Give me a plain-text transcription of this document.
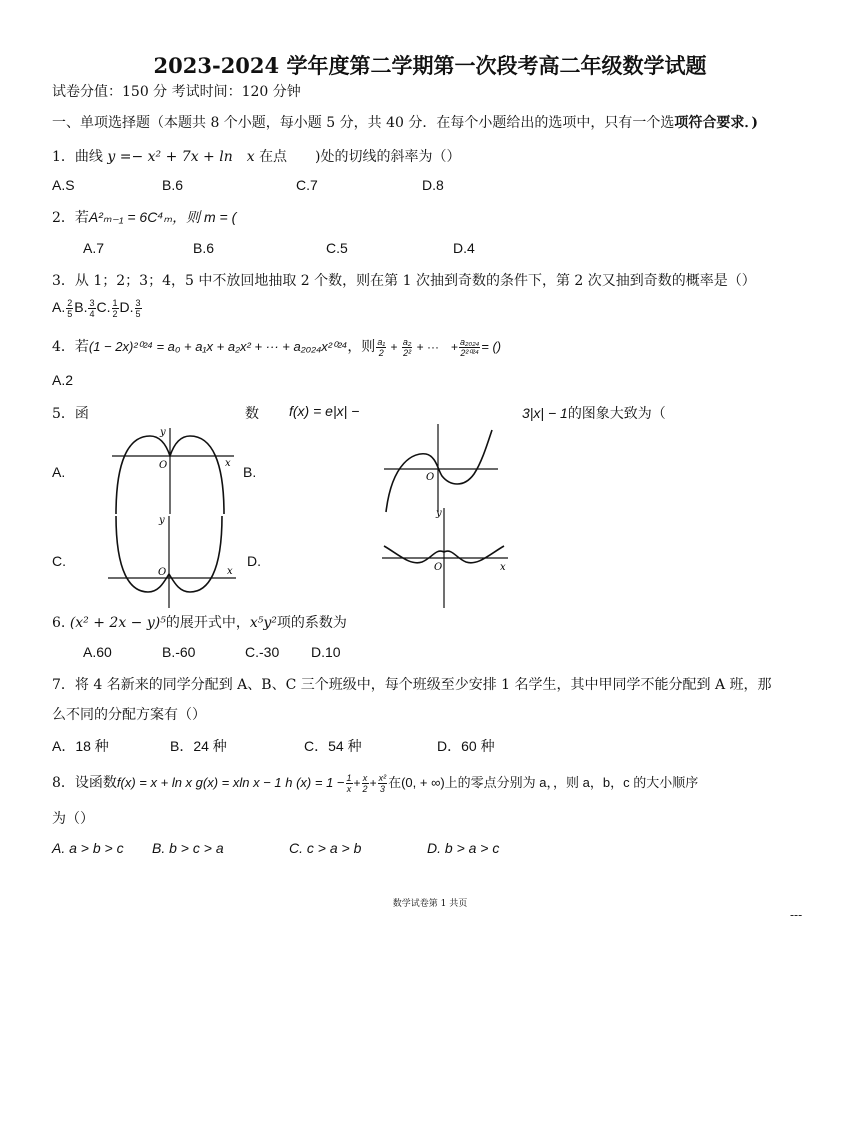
2023-2024 学年度第二学期第一次段考高二年级数学试题
试卷分值：150 分 考试时间：120 分钟
一、单项选择题（本题共 8 个小题，每小题 5 分，共 40 分．在每个小题给出的选项中，只有一个选项符合要求．)
1．曲线 y =− x² + 7x + ln　x 在点　　)处的切线的斜率为（）
A.S	B.6	C.7	D.8
2．若A²ₘ₋₁ = 6C⁴ₘ，则 m = (
A.7	B.6	C.5	D.4
3．从 1；2；3；4，5 中不放回地抽取 2 个数，则在第 1 次抽到奇数的条件下，第 2 次又抽到奇数的概率是（）
A. $\frac{2}{5} B$. $\frac{3}{4} C$. $\frac{1}{2} D$. $\frac{3}{5}$
4．若(1 − 2x)²⁰²⁴ = a₀ + a₁x + a₂x² + ··· + a₂₀₂₄x²⁰²⁴，则 $\frac{\text{a₁}}{2} + \frac{\text{a₂}}{\text{2²}}$ + ···　+ $\frac{\text{a₂₀₂₄}}{\text{2²⁰²⁴}}$ = ()
A.2
5．函	数 f(x) = e|x| −	3|x| − 1的图象大致为（
A.	B.
C.	D.
y
x
O
O
y
x
O
y
x
O
6. (x² + 2x − y)⁵的展开式中，x⁵y²项的系数为
A.60	B.-60	C.-30 D.10
7．将 4 名新来的同学分配到 A、B、C 三个班级中，每个班级至少安排 1 名学生，其中甲同学不能分配到 A 班，那
么不同的分配方案有（）
A．18 种	B．24 种	C．54 种	D．60 种
8．设函数f(x) = x + ln x g(x) = xln x − 1 h $(x) = 1 - \frac{1}{x} + \frac{x}{2} + \frac{\text{x²}}{3}$ 在(0, + ∞)上的零点分别为 a，，则 a，b，c 的大小顺序
为（）
A. a > b > c B. b > c > a	C. c > a > b	D. b > a > c
数学试卷第 1 共页
---
